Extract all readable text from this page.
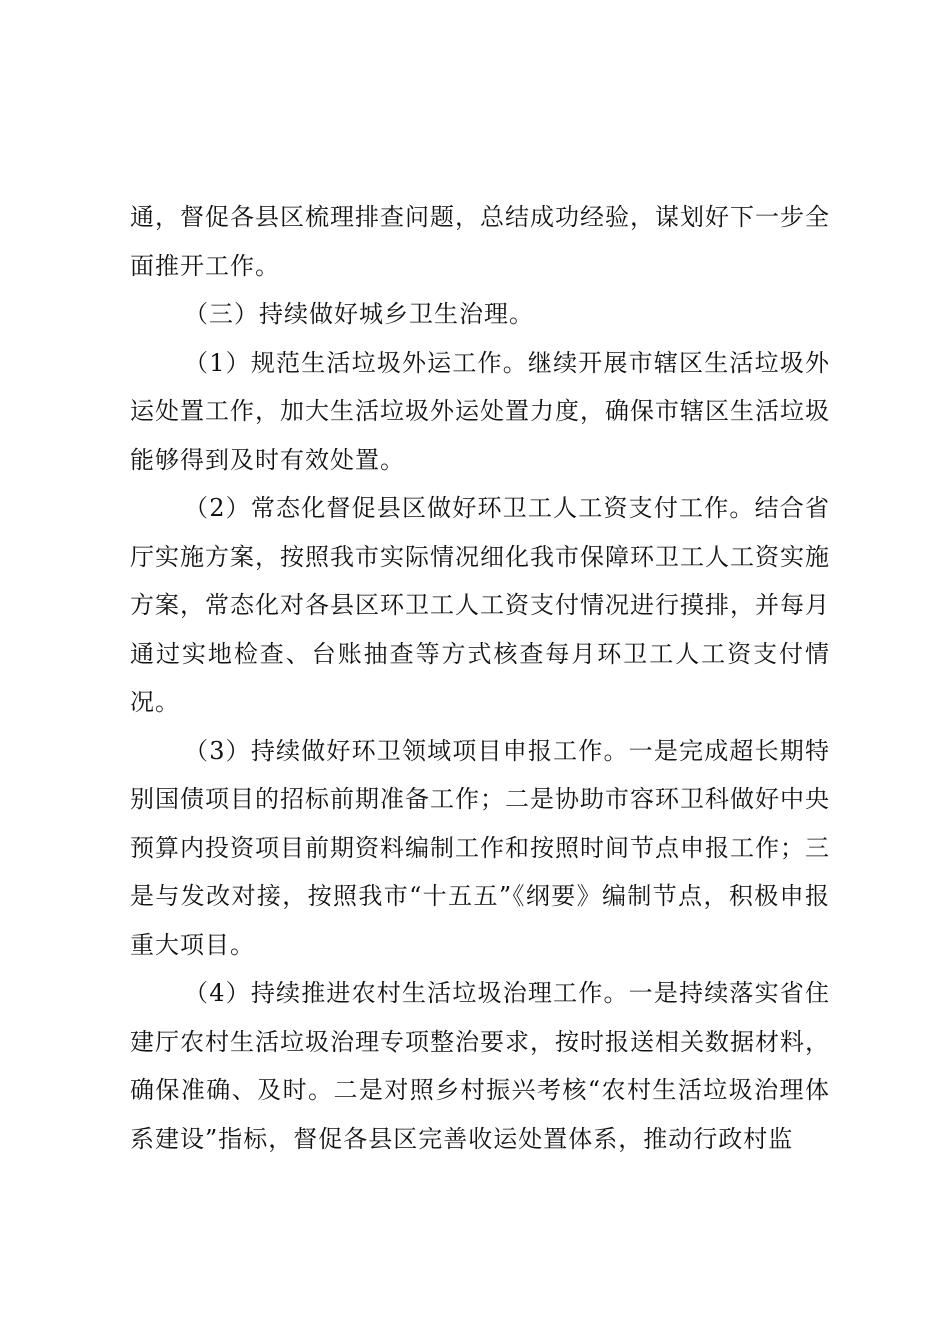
通，督促各县区梳理排查问题，总结成功经验，谋划好下一步全面推开工作。

（三）持续做好城乡卫生治理。

（1）规范生活垃圾外运工作。继续开展市辖区生活垃圾外运处置工作，加大生活垃圾外运处置力度，确保市辖区生活垃圾能够得到及时有效处置。

（2）常态化督促县区做好环卫工人工资支付工作。结合省厅实施方案，按照我市实际情况细化我市保障环卫工人工资实施方案，常态化对各县区环卫工人工资支付情况进行摸排，并每月通过实地检查、台账抽查等方式核查每月环卫工人工资支付情况。

（3）持续做好环卫领域项目申报工作。一是完成超长期特别国债项目的招标前期准备工作；二是协助市容环卫科做好中央预算内投资项目前期资料编制工作和按照时间节点申报工作；三是与发改对接，按照我市“十五五”《纲要》编制节点，积极申报重大项目。

（4）持续推进农村生活垃圾治理工作。一是持续落实省住建厅农村生活垃圾治理专项整治要求，按时报送相关数据材料，确保准确、及时。二是对照乡村振兴考核“农村生活垃圾治理体系建设”指标，督促各县区完善收运处置体系，推动行政村监
